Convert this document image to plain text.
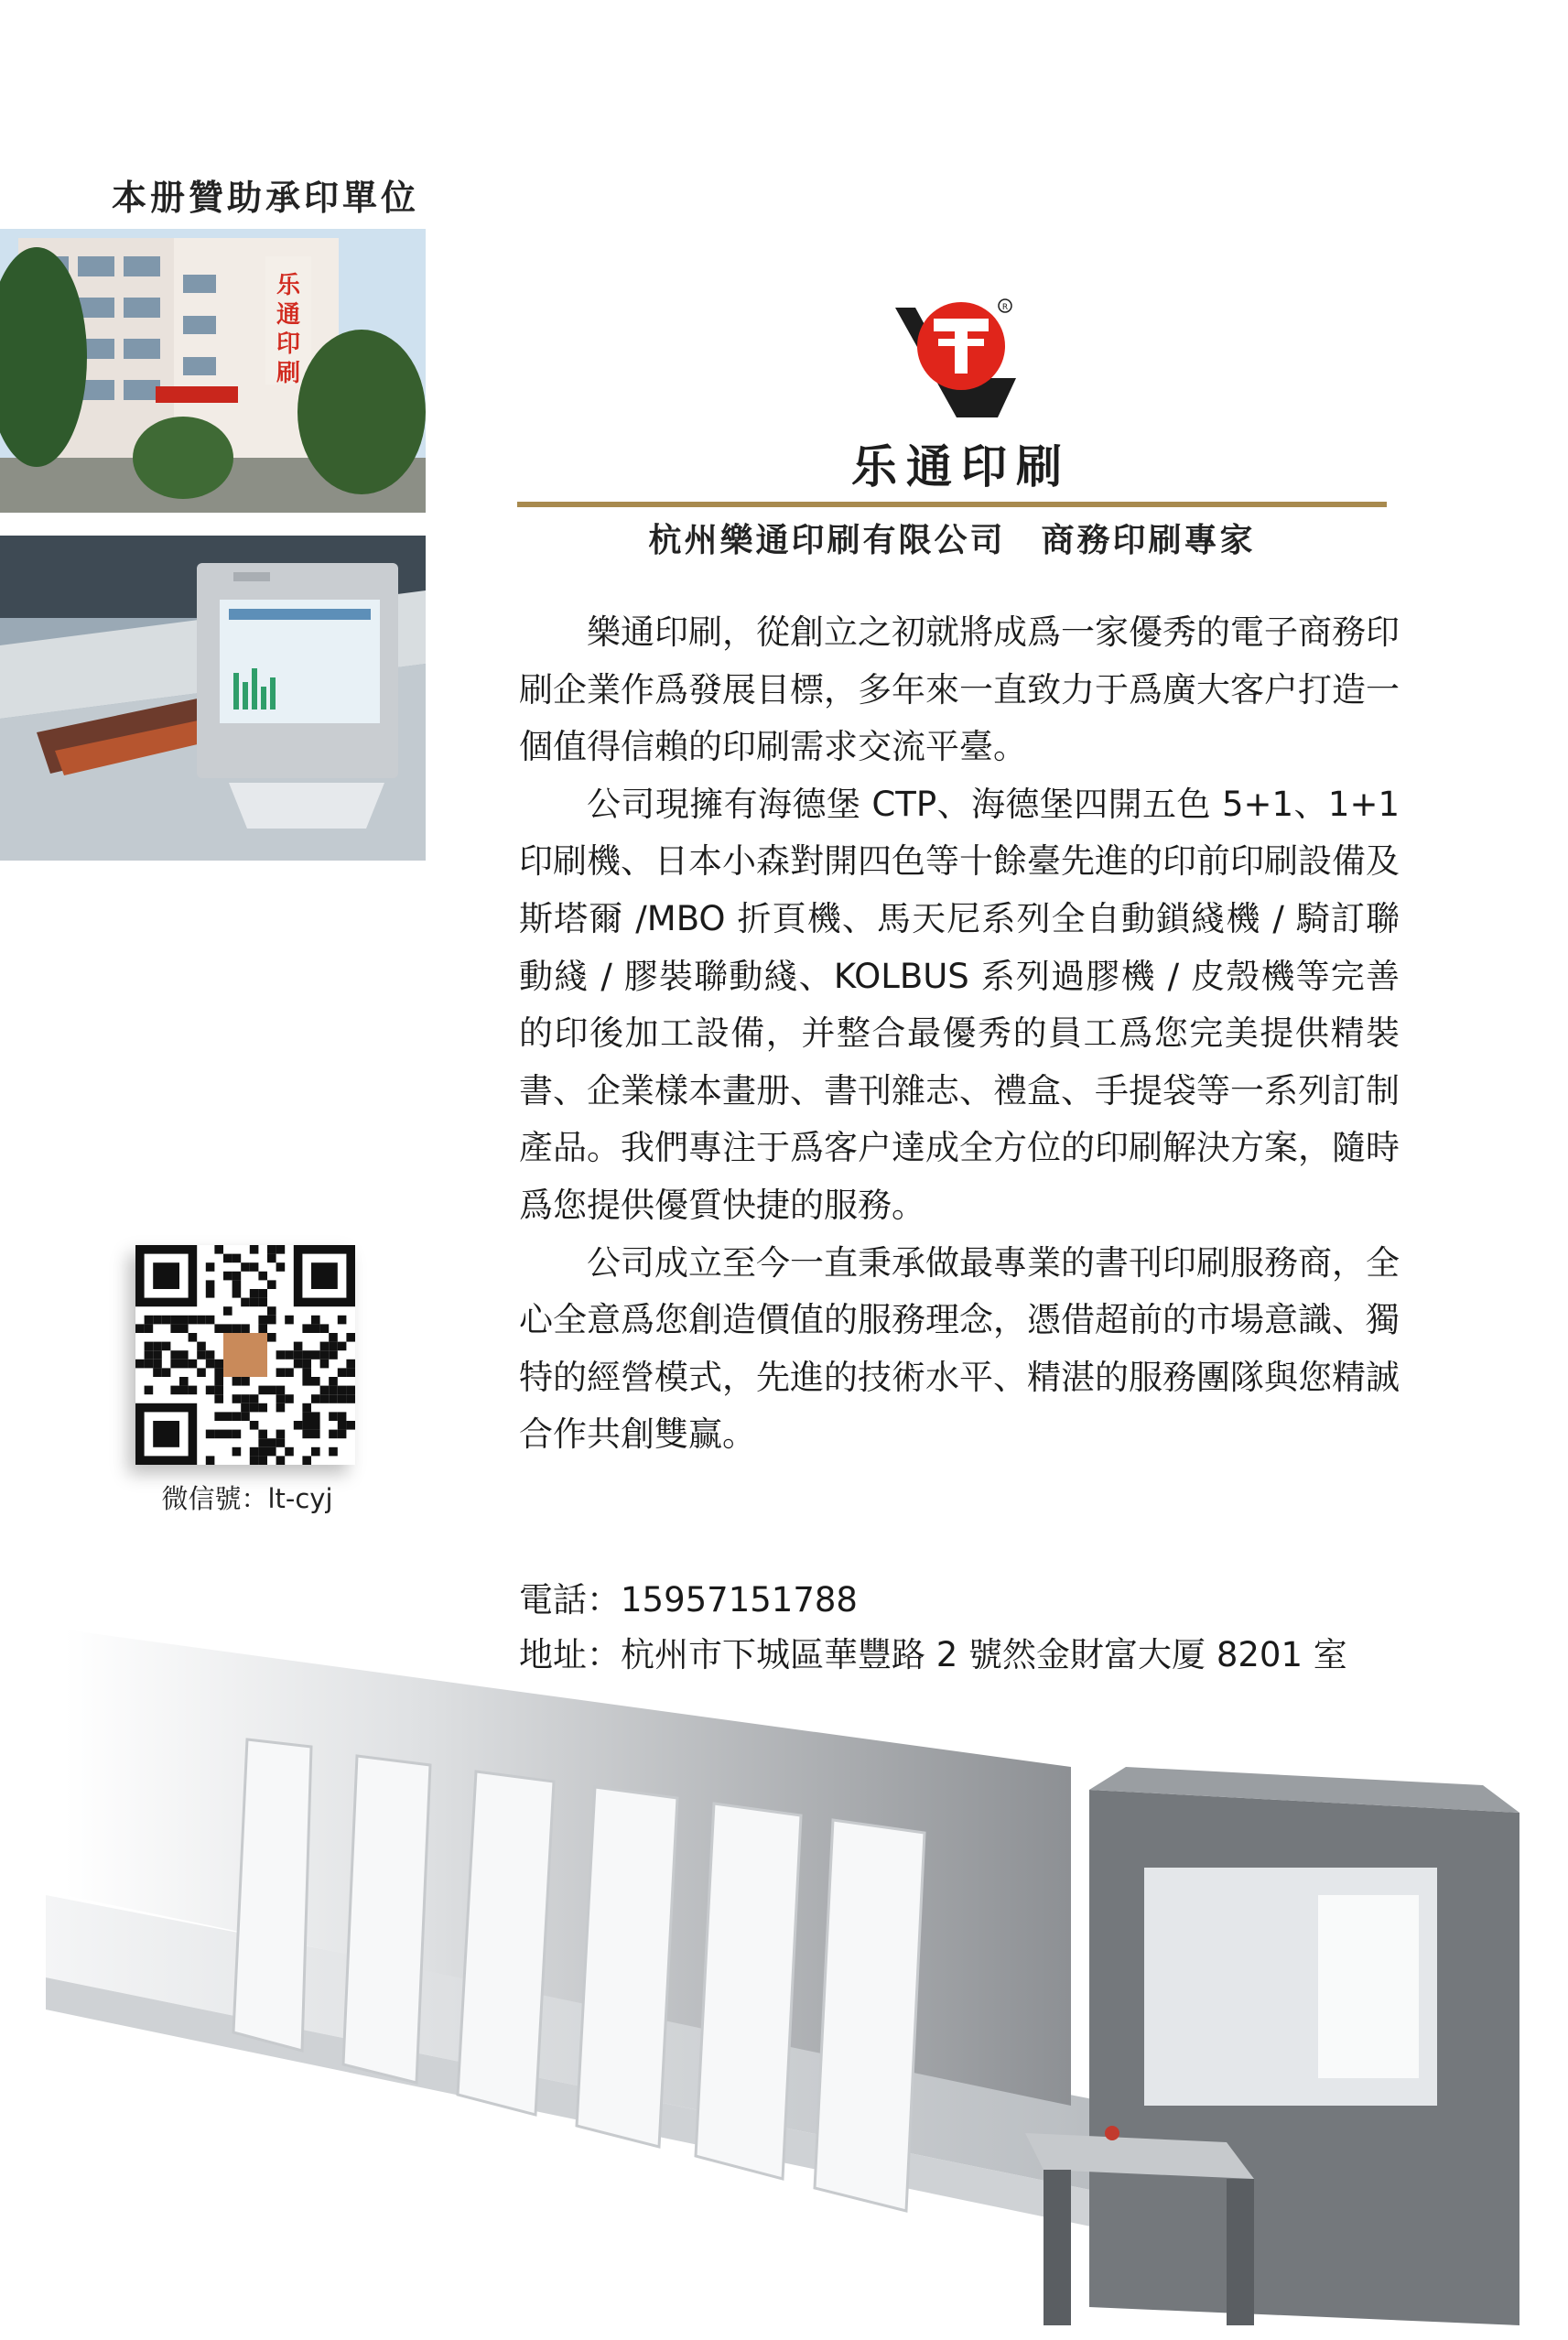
本册贊助承印單位
乐
通
印
刷
R
乐通印刷
杭州樂通印刷有限公司　商務印刷專家

樂通印刷，從創立之初就將成爲一家優秀的電子商務印刷企業作爲發展目標，多年來一直致力于爲廣大客户打造一個值得信賴的印刷需求交流平臺。

公司現擁有海德堡 CTP、海德堡四開五色 5+1、1+1 印刷機、日本小森對開四色等十餘臺先進的印前印刷設備及斯塔爾 /MBO 折頁機、馬天尼系列全自動鎖綫機 / 騎訂聯動綫 / 膠裝聯動綫、KOLBUS 系列過膠機 / 皮殼機等完善的印後加工設備，并整合最優秀的員工爲您完美提供精裝書、企業樣本畫册、書刊雜志、禮盒、手提袋等一系列訂制產品。我們專注于爲客户達成全方位的印刷解決方案，隨時爲您提供優質快捷的服務。

公司成立至今一直秉承做最專業的書刊印刷服務商，全心全意爲您創造價值的服務理念，憑借超前的市場意識、獨特的經營模式，先進的技術水平、精湛的服務團隊與您精誠合作共創雙赢。

微信號：lt-cyj
電話：15957151788
地址：杭州市下城區華豐路 2 號然金財富大厦 8201 室
